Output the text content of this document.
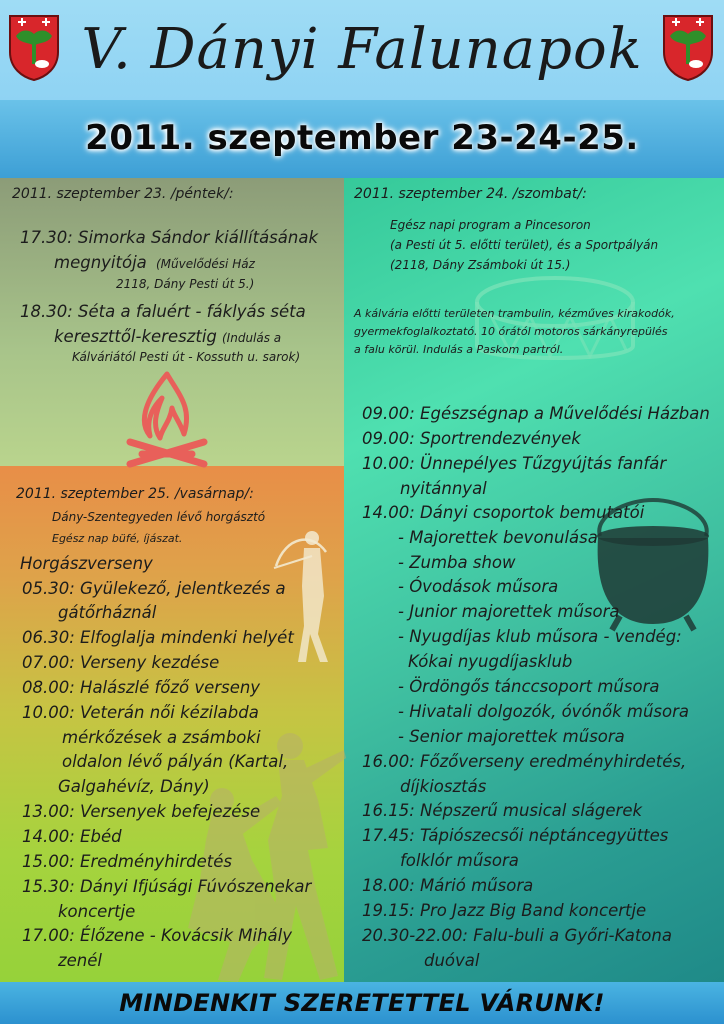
V. Dányi Falunapok
2011. szeptember 23-24-25.
2011. szeptember 23. /péntek/:
17.30: Simorka Sándor kiállításának
megnyitója (Művelődési Ház
2118, Dány Pesti út 5.)
18.30: Séta a faluért - fáklyás séta
kereszttől-keresztig (Indulás a
Kálváriától Pesti út - Kossuth u. sarok)
2011. szeptember 24. /szombat/:
Egész napi program a Pincesoron
(a Pesti út 5. előtti terület), és a Sportpályán
(2118, Dány Zsámboki út 15.)
A kálvária előtti területen trambulin, kézműves kirakodók,
gyermekfoglalkoztató. 10 órától motoros sárkányrepülés
a falu körül. Indulás a Paskom partról.
09.00: Egészségnap a Művelődési Házban
09.00: Sportrendezvények
10.00: Ünnepélyes Tűzgyújtás fanfár
nyitánnyal
14.00: Dányi csoportok bemutatói
- Majorettek bevonulása
- Zumba show
- Óvodások műsora
- Junior majorettek műsora
- Nyugdíjas klub műsora - vendég:
Kókai nyugdíjasklub
- Ördöngős tánccsoport műsora
- Hivatali dolgozók, óvónők műsora
- Senior majorettek műsora
16.00: Főzőverseny eredményhirdetés,
díjkiosztás
16.15: Népszerű musical slágerek
17.45: Tápiószecsői néptáncegyüttes
folklór műsora
18.00: Márió műsora
19.15: Pro Jazz Big Band koncertje
20.30-22.00: Falu-buli a Győri-Katona
duóval
2011. szeptember 25. /vasárnap/:
Dány-Szentegyeden lévő horgásztó
Egész nap büfé, íjászat.
Horgászverseny
05.30: Gyülekező, jelentkezés a
gátőrháznál
06.30: Elfoglalja mindenki helyét
07.00: Verseny kezdése
08.00: Halászlé főző verseny
10.00: Veterán női kézilabda
mérkőzések a zsámboki
oldalon lévő pályán (Kartal,
Galgahévíz, Dány)
13.00: Versenyek befejezése
14.00: Ebéd
15.00: Eredményhirdetés
15.30: Dányi Ifjúsági Fúvószenekar
koncertje
17.00: Élőzene - Kovácsik Mihály
zenél
MINDENKIT SZERETETTEL VÁRUNK!
